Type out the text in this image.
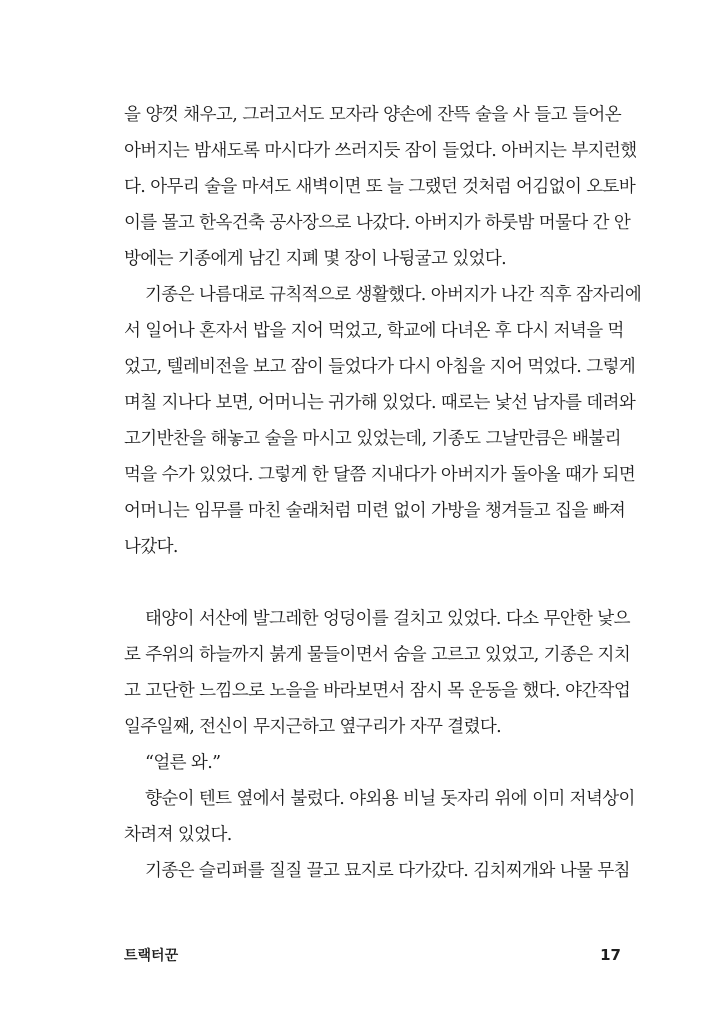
을 양껏 채우고, 그러고서도 모자라 양손에 잔뜩 술을 사 들고 들어온
아버지는 밤새도록 마시다가 쓰러지듯 잠이 들었다. 아버지는 부지런했
다. 아무리 술을 마셔도 새벽이면 또 늘 그랬던 것처럼 어김없이 오토바
이를 몰고 한옥건축 공사장으로 나갔다. 아버지가 하룻밤 머물다 간 안
방에는 기종에게 남긴 지폐 몇 장이 나뒹굴고 있었다.
기종은 나름대로 규칙적으로 생활했다. 아버지가 나간 직후 잠자리에
서 일어나 혼자서 밥을 지어 먹었고, 학교에 다녀온 후 다시 저녁을 먹
었고, 텔레비전을 보고 잠이 들었다가 다시 아침을 지어 먹었다. 그렇게
며칠 지나다 보면, 어머니는 귀가해 있었다. 때로는 낯선 남자를 데려와
고기반찬을 해놓고 술을 마시고 있었는데, 기종도 그날만큼은 배불리
먹을 수가 있었다. 그렇게 한 달쯤 지내다가 아버지가 돌아올 때가 되면
어머니는 임무를 마친 술래처럼 미련 없이 가방을 챙겨들고 집을 빠져
나갔다.
태양이 서산에 발그레한 엉덩이를 걸치고 있었다. 다소 무안한 낯으
로 주위의 하늘까지 붉게 물들이면서 숨을 고르고 있었고, 기종은 지치
고 고단한 느낌으로 노을을 바라보면서 잠시 목 운동을 했다. 야간작업
일주일째, 전신이 무지근하고 옆구리가 자꾸 결렸다.
“얼른 와.”
향순이 텐트 옆에서 불렀다. 야외용 비닐 돗자리 위에 이미 저녁상이
차려져 있었다.
기종은 슬리퍼를 질질 끌고 묘지로 다가갔다. 김치찌개와 나물 무침
트랙터꾼	17
